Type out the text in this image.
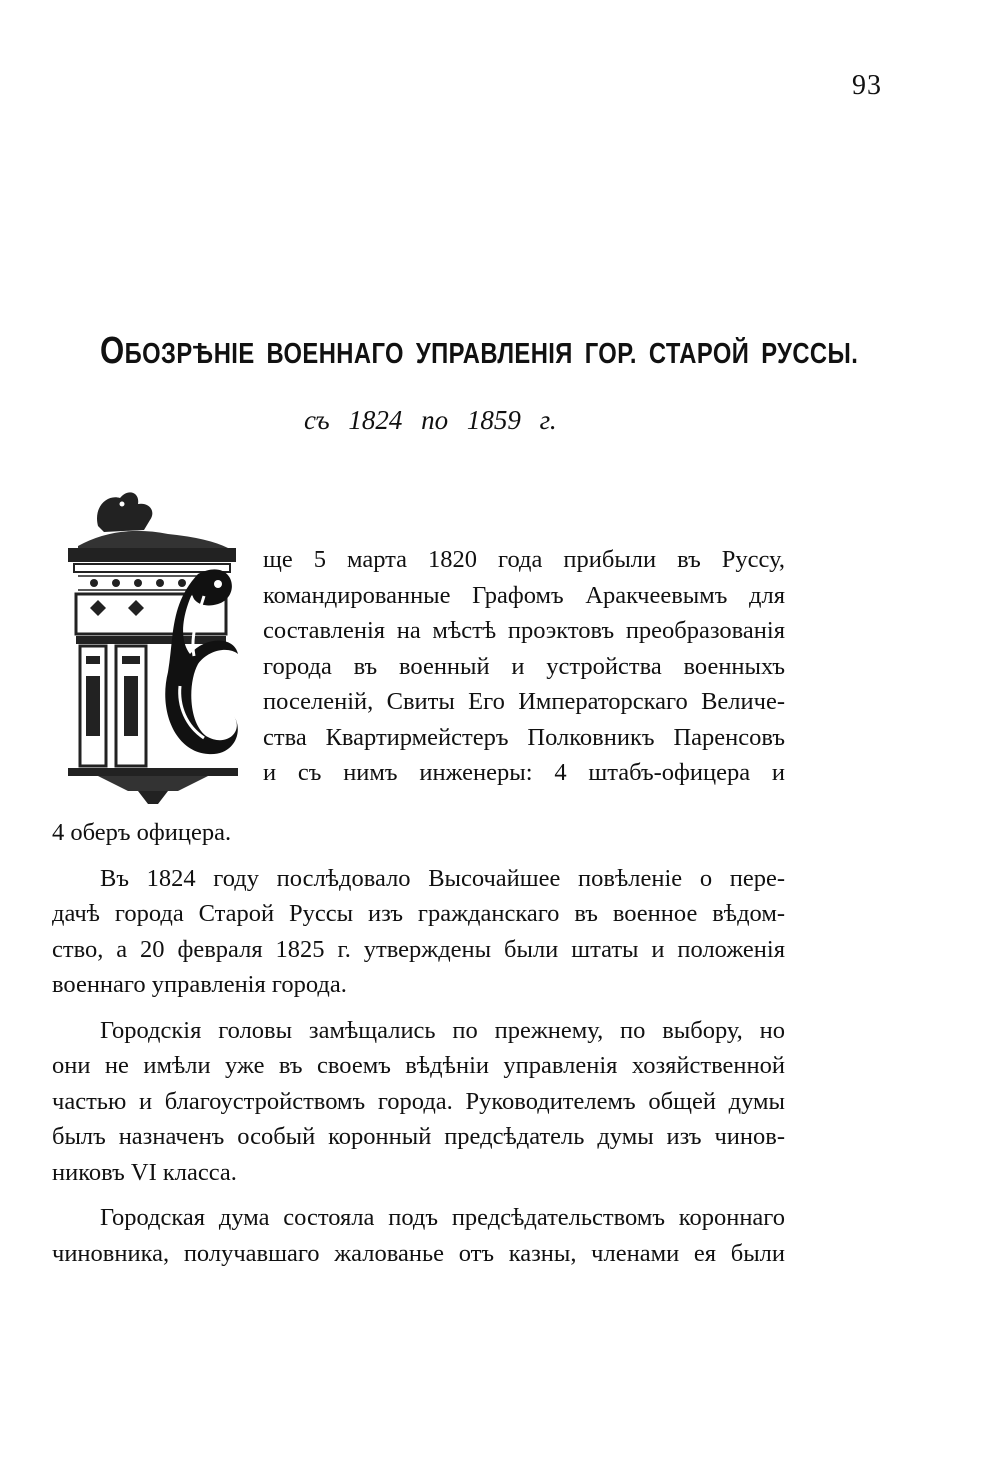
93
ОБОЗРѢНІЕ ВОЕННАГО УПРАВЛЕНІЯ ГОР. СТАРОЙ РУССЫ.
съ 1824 по 1859 г.
ще 5 марта 1820 года прибыли въ Руссу,
командированные Графомъ Аракчеевымъ для
составленія на мѣстѣ проэктовъ преобразованія
города въ военный и устройства военныхъ
поселеній, Свиты Его Императорскаго Величе-
ства Квартирмейстеръ Полковникъ Паренсовъ
и съ нимъ инженеры: 4 штабъ-офицера и
4 оберъ офицера.
Въ 1824 году послѣдовало Высочайшее повѣленіе о пере-
дачѣ города Старой Руссы изъ гражданскаго въ военное вѣдом-
ство, а 20 февраля 1825 г. утверждены были штаты и положенія
военнаго управленія города.
Городскія головы замѣщались по прежнему, по выбору, но
они не имѣли уже въ своемъ вѣдѣніи управленія хозяйственной
частью и благоустройствомъ города. Руководителемъ общей думы
былъ назначенъ особый коронный предсѣдатель думы изъ чинов-
никовъ VI класса.
Городская дума состояла подъ предсѣдательствомъ короннаго
чиновника, получавшаго жалованье отъ казны, членами ея были
